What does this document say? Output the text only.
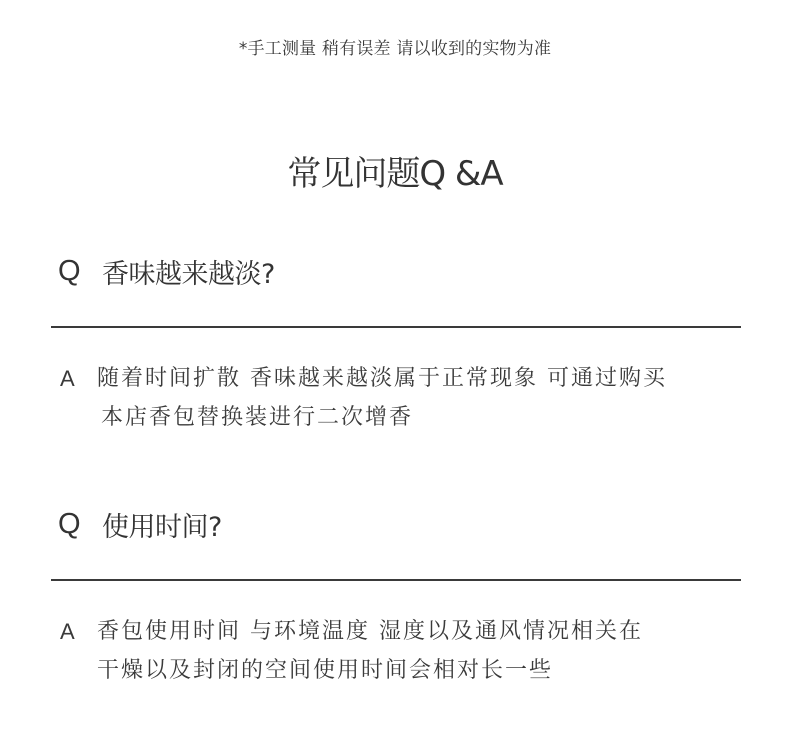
*手工测量 稍有误差 请以收到的实物为准
常见问题Q &A
Q 香味越来越淡?
A	随着时间扩散 香味越来越淡属于正常现象 可通过购买
本店香包替换装进行二次增香
Q 使用时间?
A	香包使用时间 与环境温度 湿度以及通风情况相关在
干燥以及封闭的空间使用时间会相对长一些
